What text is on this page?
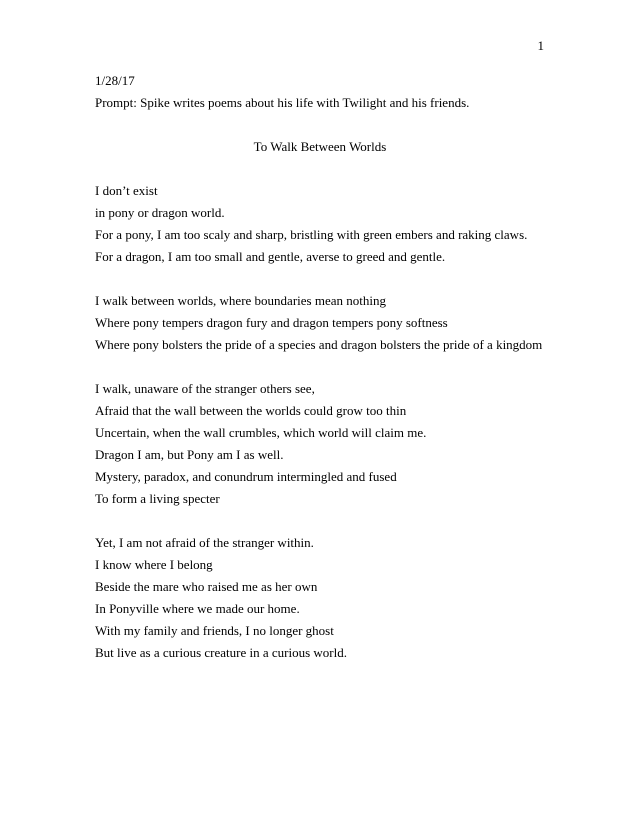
1
1/28/17
Prompt: Spike writes poems about his life with Twilight and his friends.
To Walk Between Worlds
I don’t exist
in pony or dragon world.
For a pony, I am too scaly and sharp, bristling with green embers and raking claws.
For a dragon, I am too small and gentle, averse to greed and gentle.
I walk between worlds, where boundaries mean nothing
Where pony tempers dragon fury and dragon tempers pony softness
Where pony bolsters the pride of a species and dragon bolsters the pride of a kingdom
I walk, unaware of the stranger others see,
Afraid that the wall between the worlds could grow too thin
Uncertain, when the wall crumbles, which world will claim me.
Dragon I am, but Pony am I as well.
Mystery, paradox, and conundrum intermingled and fused
To form a living specter
Yet, I am not afraid of the stranger within.
I know where I belong
Beside the mare who raised me as her own
In Ponyville where we made our home.
With my family and friends, I no longer ghost
But live as a curious creature in a curious world.
